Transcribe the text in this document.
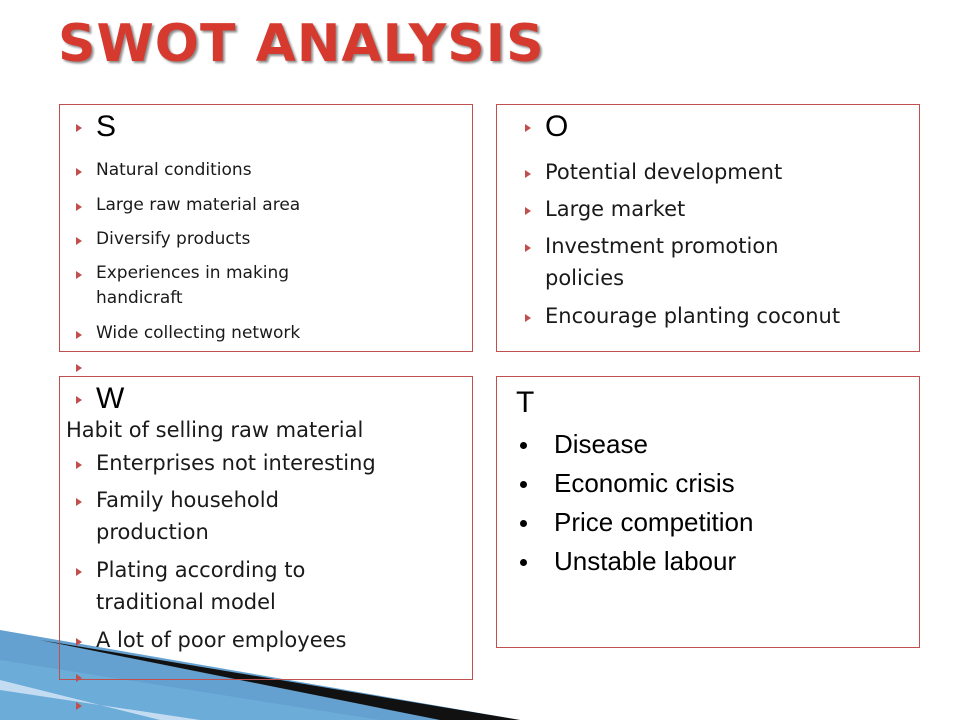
SWOT ANALYSIS
S
Natural conditions
Large raw material area
Diversify products
Experiences in making
handicraft
Wide collecting network
O
Potential development
Large market
Investment promotion
policies
Encourage planting coconut
W
Habit of selling raw material
Enterprises not interesting
Family household
production
Plating according to
traditional model
A lot of poor employees
T
Disease
Economic crisis
Price competition
Unstable labour
